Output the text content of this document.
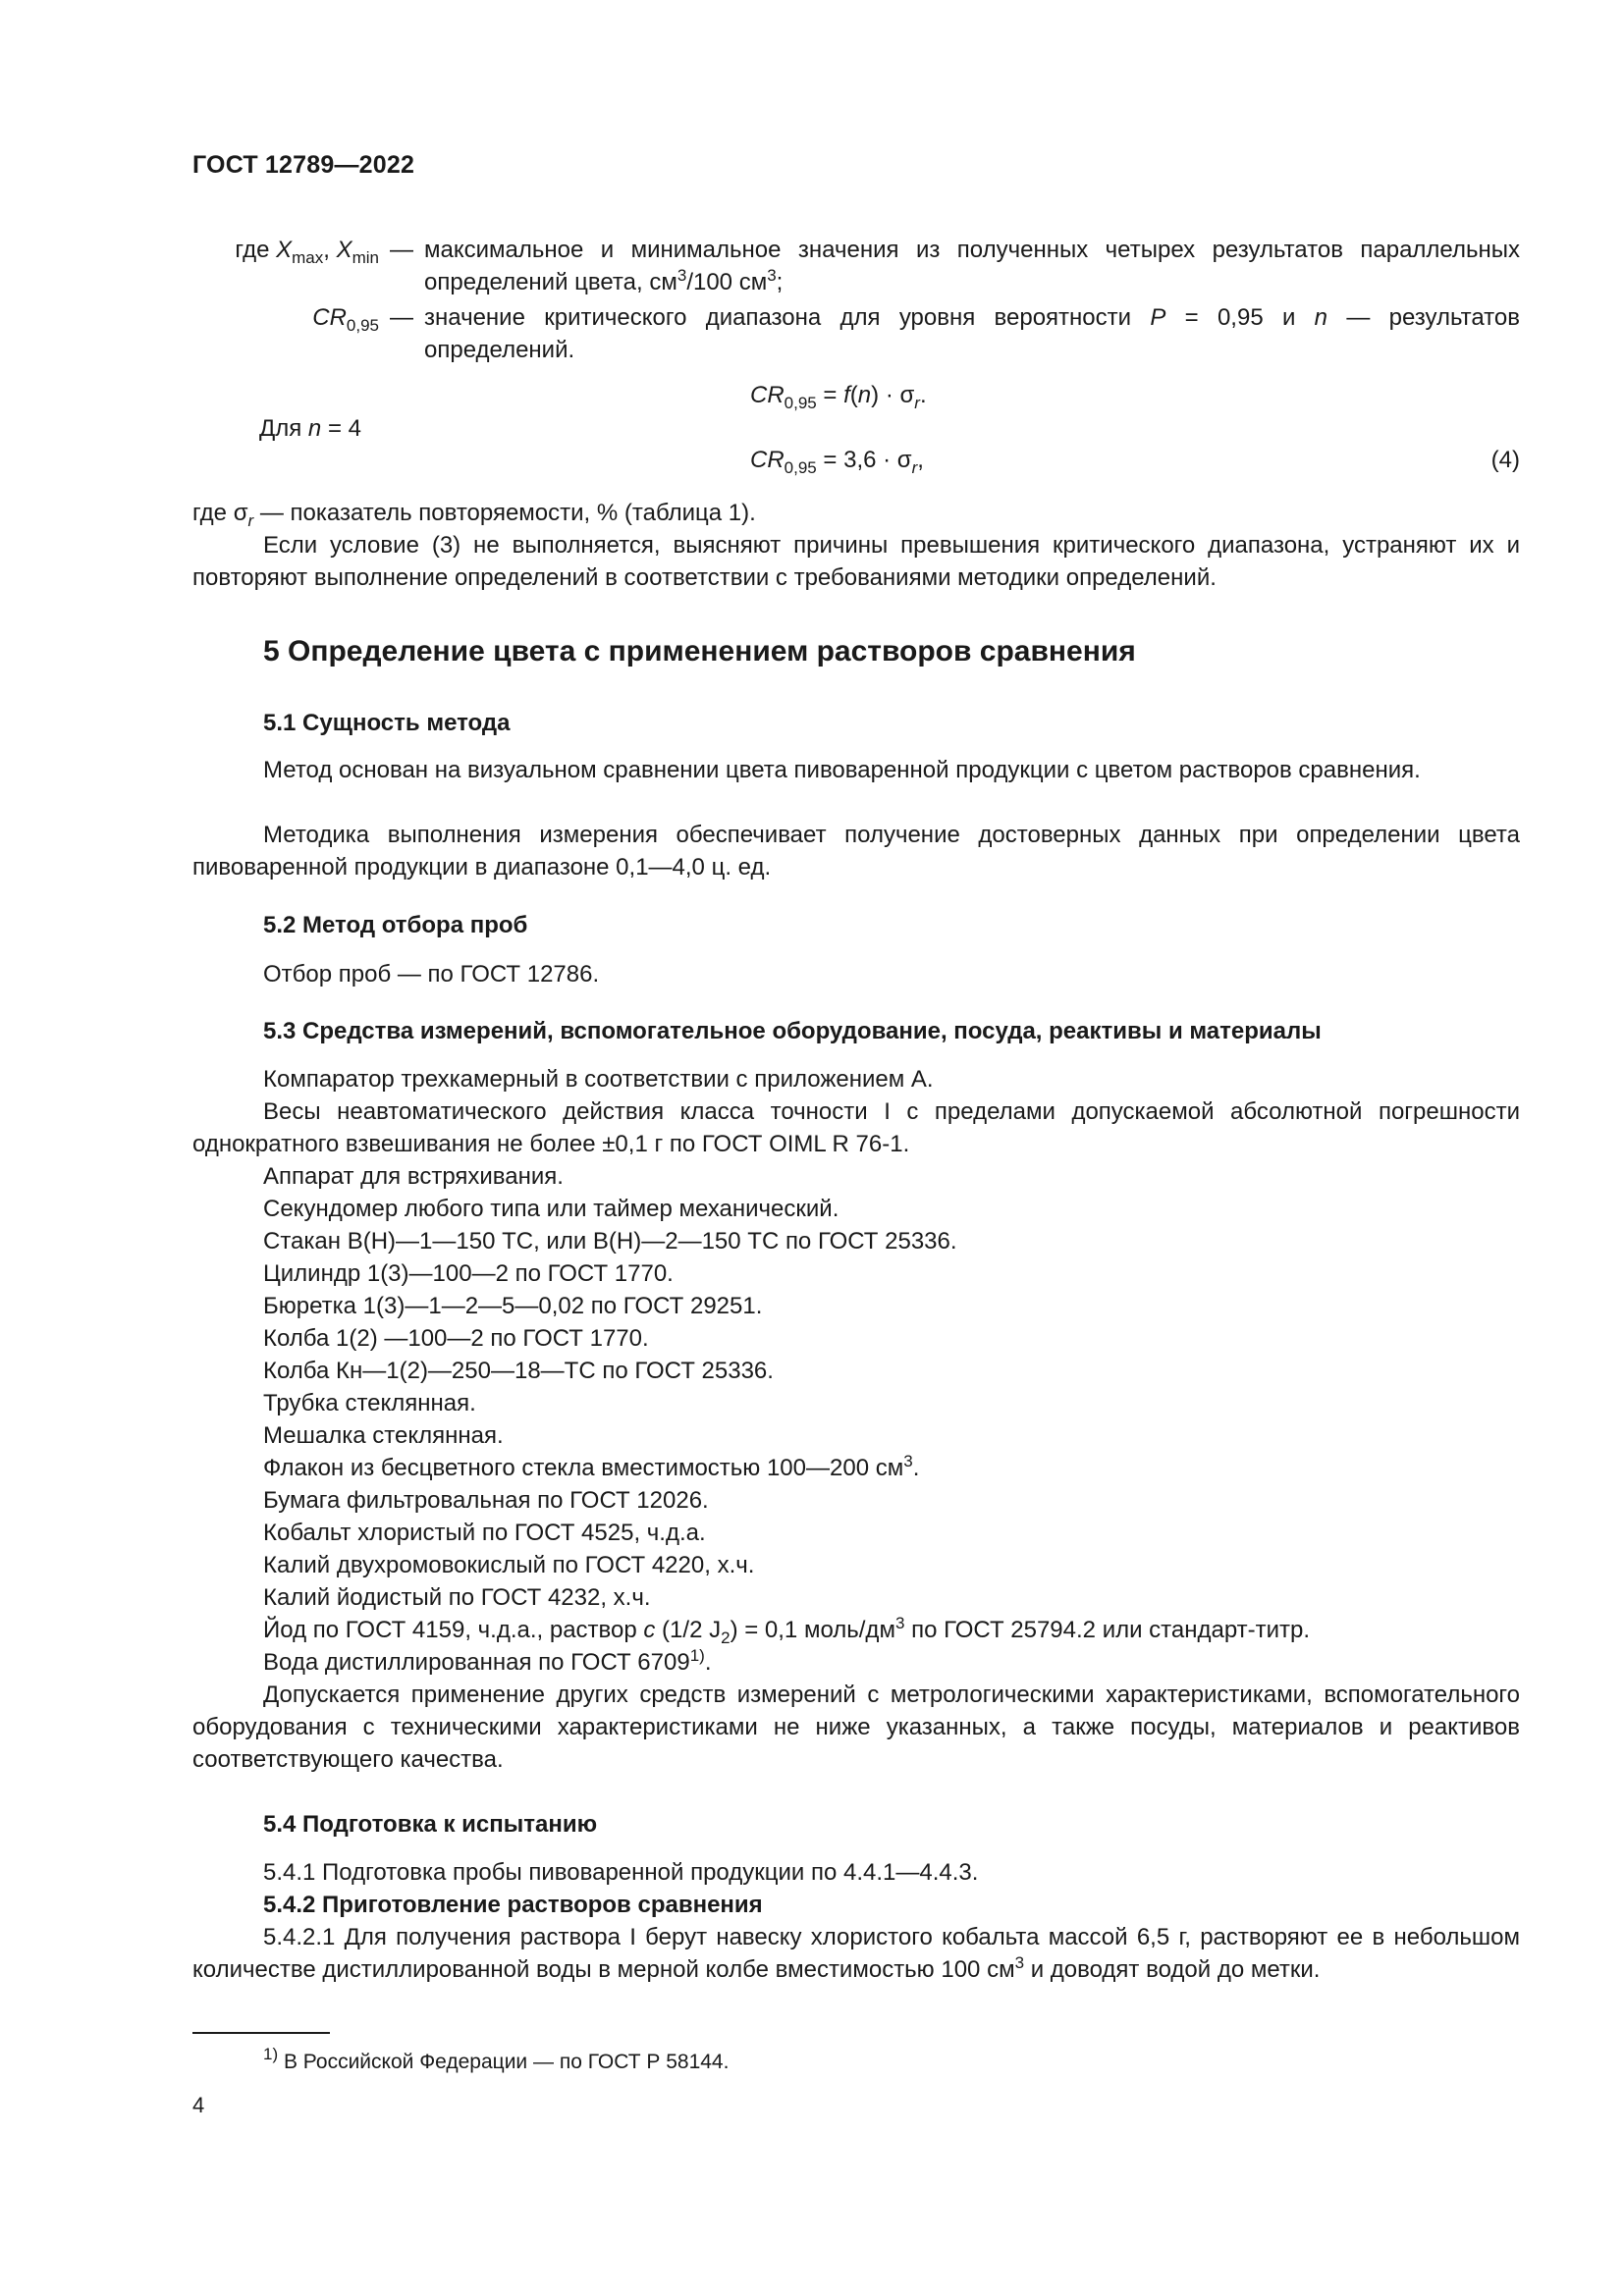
ГОСТ 12789—2022
где $X_{max}$, $X_{min}$ — максимальное и минимальное значения из полученных четырех результатов параллельных определений цвета, $см^3/100$ $см^3$;
$CR_{0,95}$ — значение критического диапазона для уровня вероятности P = 0,95 и n — результатов определений.
$CR_{0,95} = f(n) \cdot \sigma_r$.
Для n = 4
$CR_{0,95} = 3,6 \cdot \sigma_r$,	(4)
где $\sigma_r$ — показатель повторяемости, % (таблица 1).
Если условие (3) не выполняется, выясняют причины превышения критического диапазона, устраняют их и повторяют выполнение определений в соответствии с требованиями методики определений.
5 Определение цвета с применением растворов сравнения
5.1 Сущность метода
Метод основан на визуальном сравнении цвета пивоваренной продукции с цветом растворов сравнения.
Методика выполнения измерения обеспечивает получение достоверных данных при определении цвета пивоваренной продукции в диапазоне 0,1—4,0 ц. ед.
5.2 Метод отбора проб
Отбор проб — по ГОСТ 12786.
5.3 Средства измерений, вспомогательное оборудование, посуда, реактивы и материалы
Компаратор трехкамерный в соответствии с приложением А.
Весы неавтоматического действия класса точности I с пределами допускаемой абсолютной погрешности однократного взвешивания не более ±0,1 г по ГОСТ OIML R 76-1.
Аппарат для встряхивания.
Секундомер любого типа или таймер механический.
Стакан В(Н)—1—150 ТС, или В(Н)—2—150 ТС по ГОСТ 25336.
Цилиндр 1(3)—100—2 по ГОСТ 1770.
Бюретка 1(3)—1—2—5—0,02 по ГОСТ 29251.
Колба 1(2) —100—2 по ГОСТ 1770.
Колба Кн—1(2)—250—18—ТС по ГОСТ 25336.
Трубка стеклянная.
Мешалка стеклянная.
Флакон из бесцветного стекла вместимостью 100—200 $см^3$.
Бумага фильтровальная по ГОСТ 12026.
Кобальт хлористый по ГОСТ 4525, ч.д.а.
Калий двухромовокислый по ГОСТ 4220, х.ч.
Калий йодистый по ГОСТ 4232, х.ч.
Йод по ГОСТ 4159, ч.д.а., раствор c (1/2 $J_2) = 0,1$ моль/$дм^3$ по ГОСТ 25794.2 или стандарт-титр.
Вода дистиллированная по ГОСТ 6709$^{1)}$.
Допускается применение других средств измерений с метрологическими характеристиками, вспомогательного оборудования с техническими характеристиками не ниже указанных, а также посуды, материалов и реактивов соответствующего качества.
5.4 Подготовка к испытанию
5.4.1 Подготовка пробы пивоваренной продукции по 4.4.1—4.4.3.
5.4.2 Приготовление растворов сравнения
5.4.2.1 Для получения раствора I берут навеску хлористого кобальта массой 6,5 г, растворяют ее в небольшом количестве дистиллированной воды в мерной колбе вместимостью 100 $см^3$ и доводят водой до метки.
$^{1)}$ В Российской Федерации — по ГОСТ Р 58144.
4
